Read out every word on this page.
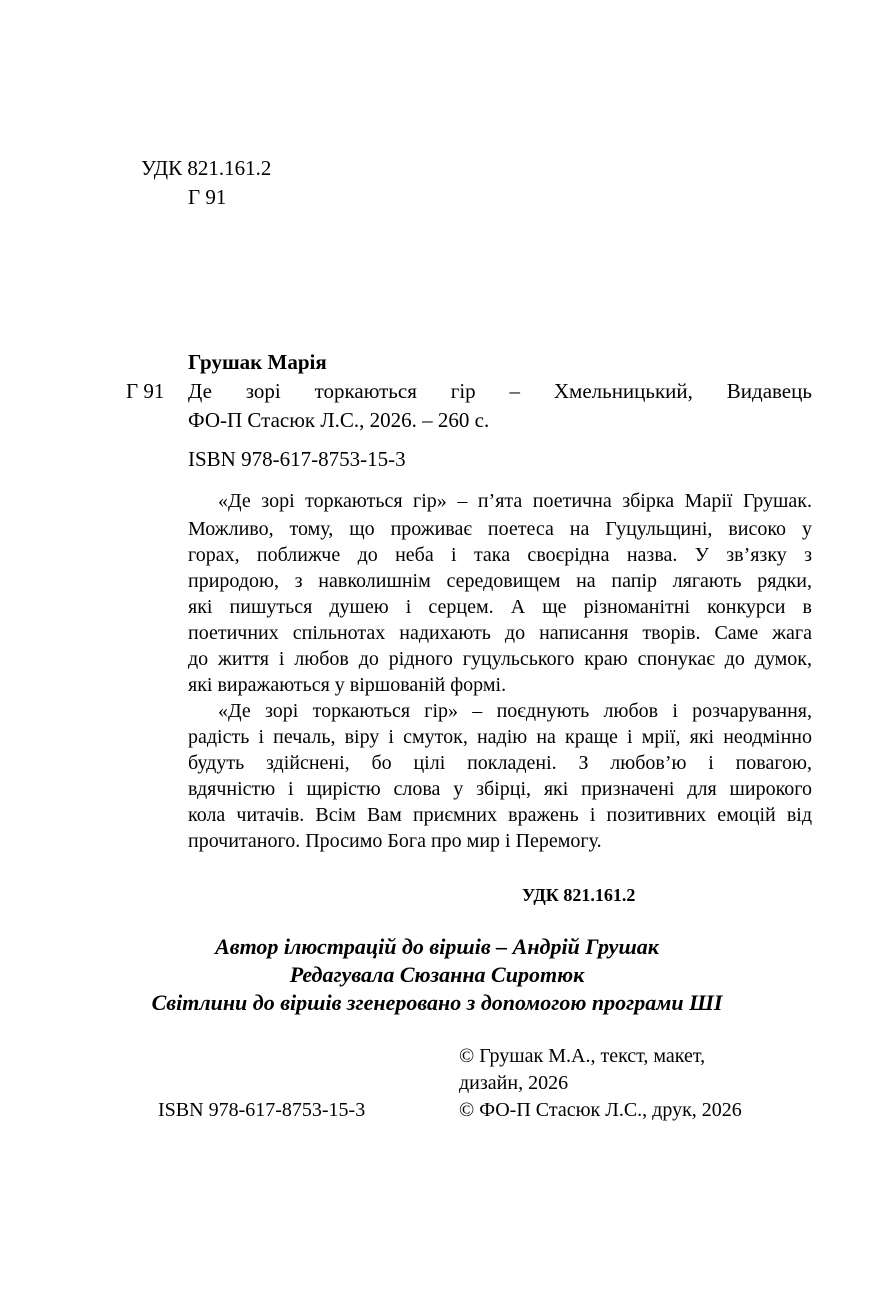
УДК 821.161.2
Г 91
Грушак Марія
Г 91 Де зорі торкаються гір – Хмельницький, Видавець
ФО-П Стасюк Л.С., 2026. – 260 с.
ISBN 978-617-8753-15-3
«Де зорі торкаються гір» – п’ята поетична збірка Марії Грушак.
Можливо, тому, що проживає поетеса на Гуцульщині, високо у
горах, поближче до неба і така своєрідна назва. У зв’язку з
природою, з навколишнім середовищем на папір лягають рядки,
які пишуться душею і серцем. А ще різноманітні конкурси в
поетичних спільнотах надихають до написання творів. Саме жага
до життя і любов до рідного гуцульського краю спонукає до думок,
які виражаються у віршованій формі.
«Де зорі торкаються гір» – поєднують любов і розчарування,
радість і печаль, віру і смуток, надію на краще і мрії, які неодмінно
будуть здійснені, бо цілі покладені. З любов’ю і повагою,
вдячністю і щирістю слова у збірці, які призначені для широкого
кола читачів. Всім Вам приємних вражень і позитивних емоцій від
прочитаного. Просимо Бога про мир і Перемогу.
УДК 821.161.2
Автор ілюстрацій до віршів – Андрій Грушак
Редагувала Сюзанна Сиротюк
Світлини до віршів згенеровано з допомогою програми ШІ
© Грушак М.А., текст, макет,
дизайн, 2026
ISBN 978-617-8753-15-3	© ФО-П Стасюк Л.С., друк, 2026
